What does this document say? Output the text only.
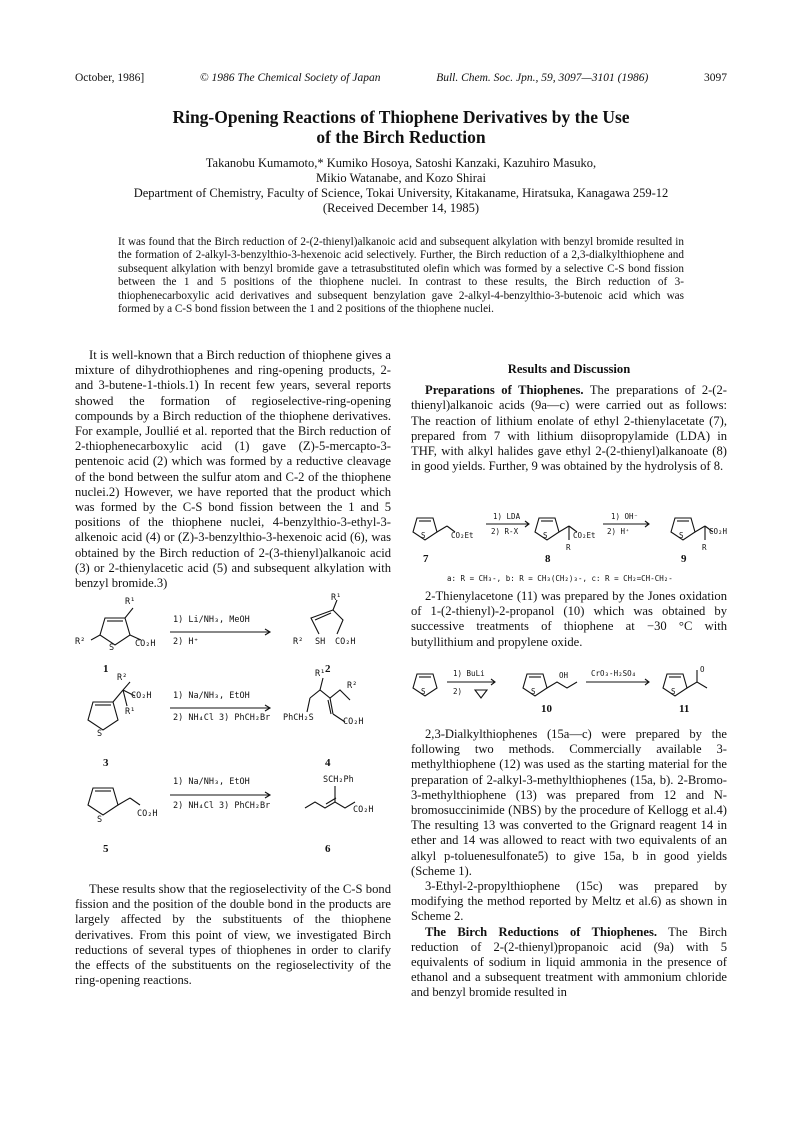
October, 1986]	© 1986 The Chemical Society of Japan	Bull. Chem. Soc. Jpn., 59, 3097—3101 (1986)	3097
Ring-Opening Reactions of Thiophene Derivatives by the Use
of the Birch Reduction
Takanobu Kumamoto,* Kumiko Hosoya, Satoshi Kanzaki, Kazuhiro Masuko,
Mikio Watanabe, and Kozo Shirai
Department of Chemistry, Faculty of Science, Tokai University, Kitakaname, Hiratsuka, Kanagawa 259-12
(Received December 14, 1985)
It was found that the Birch reduction of 2-(2-thienyl)alkanoic acid and subsequent alkylation with benzyl bromide resulted in the formation of 2-alkyl-3-benzylthio-3-hexenoic acid selectively. Further, the Birch reduction of a 2,3-dialkylthiophene and subsequent alkylation with benzyl bromide gave a tetrasubstituted olefin which was formed by a selective C-S bond fission between the 1 and 5 positions of the thiophene nuclei. In contrast to these results, the Birch reduction of 3-thiophenecarboxylic acid derivatives and subsequent benzylation gave 2-alkyl-4-benzylthio-3-butenoic acid which was formed by a C-S bond fission between the 1 and 2 positions of the thiophene nuclei.

It is well-known that a Birch reduction of thiophene gives a mixture of dihydrothiophenes and ring-opening products, 2- and 3-butene-1-thiols.1) In recent few years, several reports showed the formation of regioselective-ring-opening compounds by a Birch reduction of the thiophene derivatives. For example, Joullié et al. reported that the Birch reduction of 2-thiophenecarboxylic acid (1) gave (Z)-5-mercapto-3-pentenoic acid (2) which was formed by a reductive cleavage of the bond between the sulfur atom and C-2 of the thiophene nuclei.2) However, we have reported that the product which was formed by the C-S bond fission between the 1 and 5 positions of the thiophene nuclei, 4-benzylthio-3-ethyl-3-alkenoic acid (4) or (Z)-3-benzylthio-3-hexenoic acid (6), was obtained by the Birch reduction of 2-(3-thienyl)alkanoic acid (3) or 2-thienylacetic acid (5) and subsequent alkylation with benzyl bromide.3)

R¹
R²
S CO₂H
1) Li/NH₃, MeOH
2) H⁺
R¹
R² SH CO₂H
R²
CO₂H
R¹
S
1) Na/NH₃, EtOH
2) NH₄Cl 3) PhCH₂Br
R¹
R²
CO₂H
PhCH₂S
S
CO₂H
1) Na/NH₃, EtOH
2) NH₄Cl 3) PhCH₂Br
SCH₂Ph
CO₂H
1	2
3	4
5	6

These results show that the regioselectivity of the C-S bond fission and the position of the double bond in the products are largely affected by the substituents of the thiophene derivatives. From this point of view, we investigated Birch reductions of several types of thiophenes in order to clarify the effects of the substituents on the regioselectivity of the ring-opening reactions.

Results and Discussion

Preparations of Thiophenes. The preparations of 2-(2-thienyl)alkanoic acids (9a—c) were carried out as follows: The reaction of lithium enolate of ethyl 2-thienylacetate (7), prepared from 7 with lithium diisopropylamide (LDA) in THF, with alkyl halides gave ethyl 2-(2-thienyl)alkanoate (8) in good yields. Further, 9 was obtained by the hydrolysis of 8.

S	CO₂Et
1) LDA
2) R-X	S	CO₂Et
R
1) OH⁻
2) H⁺	S	CO₂H
R
7	8	9
a: R = CH₃-, b: R = CH₃(CH₂)₃-, c: R = CH₂=CH-CH₂-

2-Thienylacetone (11) was prepared by the Jones oxidation of 1-(2-thienyl)-2-propanol (10) which was obtained by successive treatments of thiophene at −30 °C with butyllithium and propylene oxide.

S
1) BuLi
2)	S
OH	CrO₃-H₂SO₄
S
O
10	11

2,3-Dialkylthiophenes (15a—c) were prepared by the following two methods. Commercially available 3-methylthiophene (12) was used as the starting material for the preparation of 2-alkyl-3-methylthiophenes (15a, b). 2-Bromo-3-methylthiophene (13) was prepared from 12 and N-bromosuccinimide (NBS) by the procedure of Kellogg et al.4) The resulting 13 was converted to the Grignard reagent 14 in ether and 14 was allowed to react with two equivalents of an alkyl p-toluenesulfonate5) to give 15a, b in good yields (Scheme 1).

3-Ethyl-2-propylthiophene (15c) was prepared by modifying the method reported by Meltz et al.6) as shown in Scheme 2.

The Birch Reductions of Thiophenes. The Birch reduction of 2-(2-thienyl)propanoic acid (9a) with 5 equivalents of sodium in liquid ammonia in the presence of ethanol and a subsequent treatment with ammonium chloride and benzyl bromide resulted in
